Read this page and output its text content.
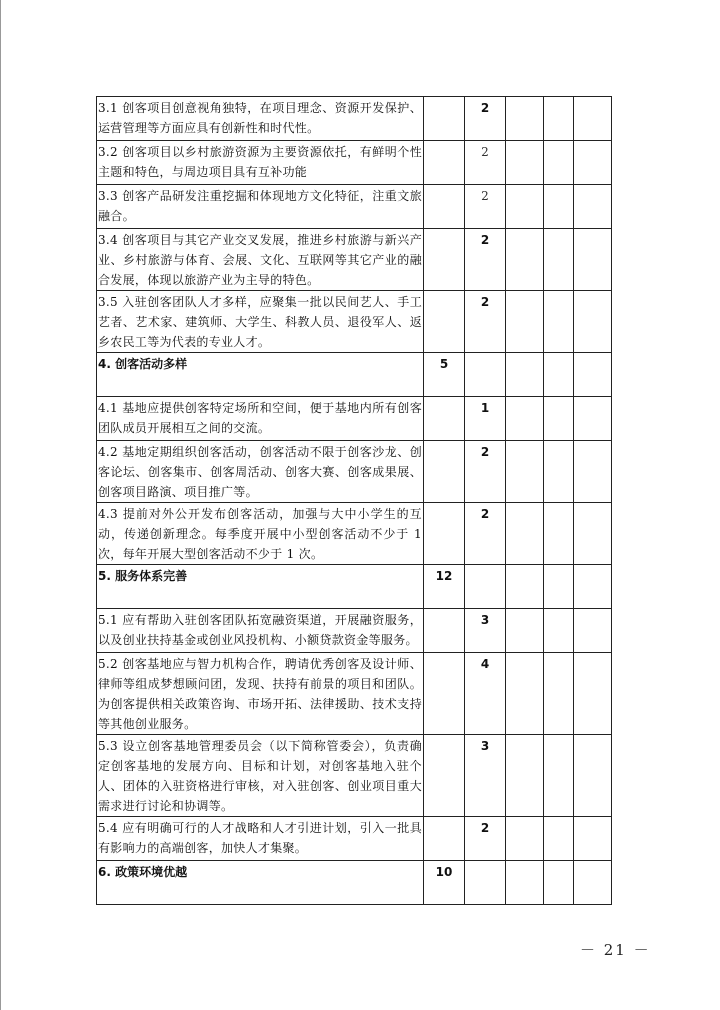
3.1 创客项目创意视角独特，在项目理念、资源开发保护、运营管理等方面应具有创新性和时代性。		2			
3.2 创客项目以乡村旅游资源为主要资源依托，有鲜明个性主题和特色，与周边项目具有互补功能		2			
3.3 创客产品研发注重挖掘和体现地方文化特征，注重文旅融合。		2			
3.4 创客项目与其它产业交叉发展，推进乡村旅游与新兴产业、乡村旅游与体育、会展、文化、互联网等其它产业的融合发展，体现以旅游产业为主导的特色。		2			
3.5 入驻创客团队人才多样，应聚集一批以民间艺人、手工艺者、艺术家、建筑师、大学生、科教人员、退役军人、返乡农民工等为代表的专业人才。		2			
4. 创客活动多样	5				
4.1 基地应提供创客特定场所和空间，便于基地内所有创客团队成员开展相互之间的交流。		1			
4.2 基地定期组织创客活动，创客活动不限于创客沙龙、创客论坛、创客集市、创客周活动、创客大赛、创客成果展、创客项目路演、项目推广等。		2			
4.3 提前对外公开发布创客活动，加强与大中小学生的互动，传递创新理念。每季度开展中小型创客活动不少于 1 次，每年开展大型创客活动不少于 1 次。		2			
5. 服务体系完善	12				
5.1 应有帮助入驻创客团队拓宽融资渠道，开展融资服务，以及创业扶持基金或创业风投机构、小额贷款资金等服务。		3			
5.2 创客基地应与智力机构合作，聘请优秀创客及设计师、律师等组成梦想顾问团，发现、扶持有前景的项目和团队。为创客提供相关政策咨询、市场开拓、法律援助、技术支持等其他创业服务。		4			
5.3 设立创客基地管理委员会（以下简称管委会），负责确定创客基地的发展方向、目标和计划，对创客基地入驻个人、团体的入驻资格进行审核，对入驻创客、创业项目重大需求进行讨论和协调等。		3			
5.4 应有明确可行的人才战略和人才引进计划，引入一批具有影响力的高端创客，加快人才集聚。		2			
6. 政策环境优越	10				
－ 21 －
